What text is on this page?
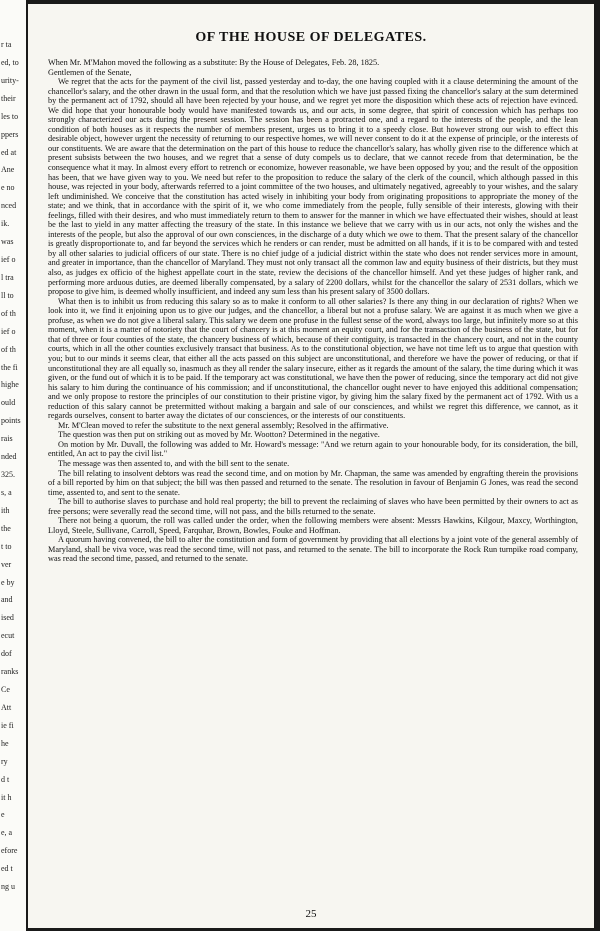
r ta
ed, to
urity-
their
les to
ppers
ed at
Ane
e no
nced
ik.
was
ief o
l tra
ll to
of th
ief o
of th
the fi
highe
ould
points
rais
nded
325.
s, a
ith
the
t to
ver
e by
and
ised
ecut
dof
ranks
Ce
Att
ie fi
he
ry
d t
it h
e
e, a
efore
ed t
ng u
OF THE HOUSE OF DELEGATES.

When Mr. M'Mahon moved the following as a substitute: By the House of Delegates, Feb. 28, 1825.

Gentlemen of the Senate,

We regret that the acts for the payment of the civil list, passed yesterday and to-day, the one having coupled with it a clause determining the amount of the chancellor's salary, and the other drawn in the usual form, and that the resolution which we have just passed fixing the chancellor's salary at the sum determined by the permanent act of 1792, should all have been rejected by your house, and we regret yet more the disposition which these acts of rejection have evinced. We did hope that your honourable body would have manifested towards us, and our acts, in some degree, that spirit of concession which has perhaps too strongly characterized our acts during the present session. The session has been a protracted one, and a regard to the interests of the people, and the lean condition of both houses as it respects the number of members present, urges us to bring it to a speedy close. But however strong our wish to effect this desirable object, however urgent the necessity of returning to our respective homes, we will never consent to do it at the expense of principle, or the interests of our constituents. We are aware that the determination on the part of this house to reduce the chancellor's salary, has wholly given rise to the difference which at present subsists between the two houses, and we regret that a sense of duty compels us to declare, that we cannot recede from that determination, be the consequence what it may. In almost every effort to retrench or economize, however reasonable, we have been opposed by you; and the result of the opposition has been, that we have given way to you. We need but refer to the proposition to reduce the salary of the clerk of the council, which although passed in this house, was rejected in your body, afterwards referred to a joint committee of the two houses, and ultimately negatived, agreeably to your wishes, and the salary left undiminished. We conceive that the constitution has acted wisely in inhibiting your body from originating propositions to appropriate the money of the state; and we think, that in accordance with the spirit of it, we who come immediately from the people, fully sensible of their interests, glowing with their feelings, filled with their desires, and who must immediately return to them to answer for the manner in which we have effectuated their wishes, should at least be the last to yield in any matter affecting the treasury of the state. In this instance we believe that we carry with us in our acts, not only the wishes and the interests of the people, but also the approval of our own consciences, in the discharge of a duty which we owe to them. That the present salary of the chancellor is greatly disproportionate to, and far beyond the services which he renders or can render, must be admitted on all hands, if it is to be compared with and tested by all other salaries to judicial officers of our state. There is no chief judge of a judicial district within the state who does not render services more in amount, and greater in importance, than the chancellor of Maryland. They must not only transact all the common law and equity business of their districts, but they must also, as judges ex officio of the highest appellate court in the state, review the decisions of the chancellor himself. And yet these judges of higher rank, and performing more arduous duties, are deemed liberally compensated, by a salary of 2200 dollars, whilst for the chancellor the salary of 2531 dollars, which we propose to give him, is deemed wholly insufficient, and indeed any sum less than his present salary of 3500 dollars.

What then is to inhibit us from reducing this salary so as to make it conform to all other salaries? Is there any thing in our declaration of rights? When we look into it, we find it enjoining upon us to give our judges, and the chancellor, a liberal but not a profuse salary. We are against it as much when we give a profuse, as when we do not give a liberal salary. This salary we deem one profuse in the fullest sense of the word, always too large, but infinitely more so at this moment, when it is a matter of notoriety that the court of chancery is at this moment an equity court, and for the transaction of the business of the state, but for that of three or four counties of the state, the chancery business of which, because of their contiguity, is transacted in the chancery court, and not in the county courts, which in all the other counties exclusively transact that business. As to the constitutional objection, we have not time left us to argue that question with you; but to our minds it seems clear, that either all the acts passed on this subject are unconstitutional, and therefore we have the power of reducing, or that if unconstitutional they are all equally so, inasmuch as they all render the salary insecure, either as it regards the amount of the salary, the time during which it was given, or the fund out of which it is to be paid. If the temporary act was constitutional, we have then the power of reducing, since the temporary act did not give his salary to him during the continuance of his commission; and if unconstitutional, the chancellor ought never to have enjoyed this additional compensation; and we only propose to restore the principles of our constitution to their pristine vigor, by giving him the salary fixed by the permanent act of 1792. With us a reduction of this salary cannot be pretermitted without making a bargain and sale of our consciences, and whilst we regret this difference, we cannot, as it regards ourselves, consent to barter away the dictates of our consciences, or the interests of our constituents.

Mr. M'Clean moved to refer the substitute to the next general assembly; Resolved in the affirmative.

The question was then put on striking out as moved by Mr. Wootton? Determined in the negative.

On motion by Mr. Duvall, the following was added to Mr. Howard's message: "And we return again to your honourable body, for its consideration, the bill, entitled, An act to pay the civil list."

The message was then assented to, and with the bill sent to the senate.

The bill relating to insolvent debtors was read the second time, and on motion by Mr. Chapman, the same was amended by engrafting therein the provisions of a bill reported by him on that subject; the bill was then passed and returned to the senate. The resolution in favour of Benjamin G Jones, was read the second time, assented to, and sent to the senate.

The bill to authorise slaves to purchase and hold real property; the bill to prevent the reclaiming of slaves who have been permitted by their owners to act as free persons; were severally read the second time, will not pass, and the bills returned to the senate.

There not being a quorum, the roll was called under the order, when the following members were absent: Messrs Hawkins, Kilgour, Maxcy, Worthington, Lloyd, Steele, Sullivane, Carroll, Speed, Farquhar, Brown, Bowles, Fouke and Hoffman.

A quorum having convened, the bill to alter the constitution and form of government by providing that all elections by a joint vote of the general assembly of Maryland, shall be viva voce, was read the second time, will not pass, and returned to the senate. The bill to incorporate the Rock Run turnpike road company, was read the second time, passed, and returned to the senate.

25
